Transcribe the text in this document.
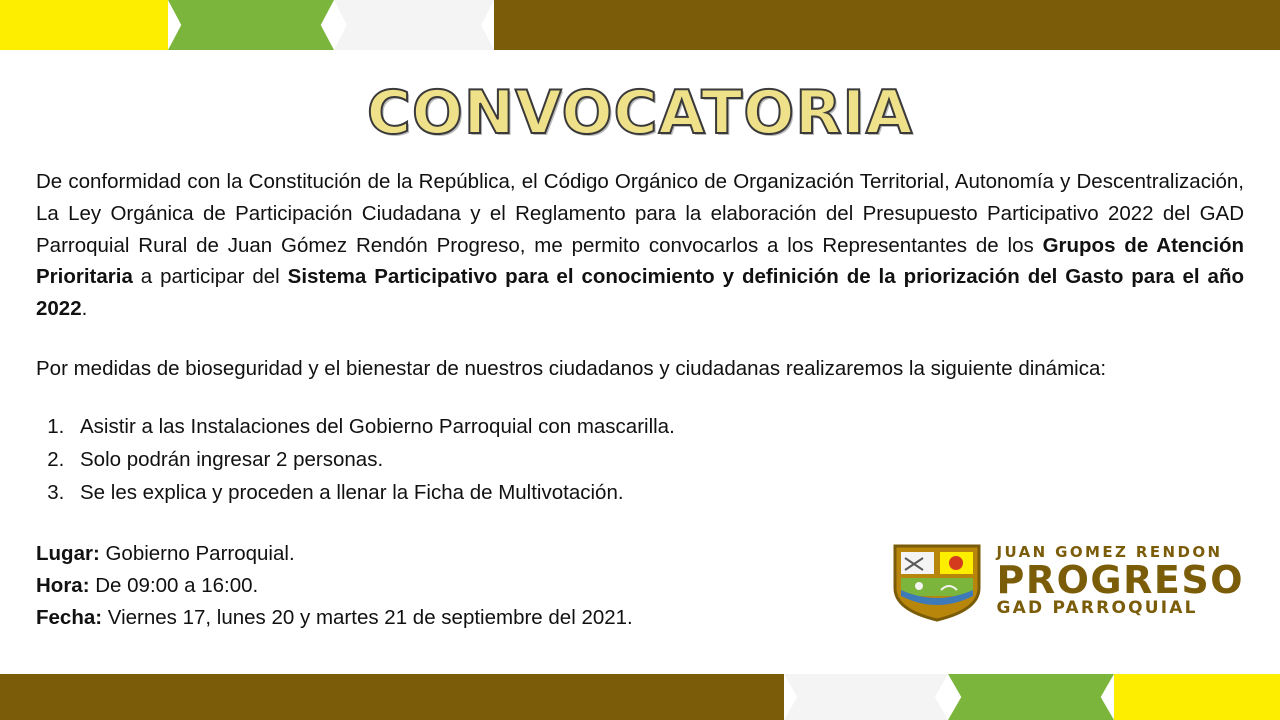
CONVOCATORIA

De conformidad con la Constitución de la República, el Código Orgánico de Organización Territorial, Autonomía y Descentralización, La Ley Orgánica de Participación Ciudadana y el Reglamento para la elaboración del Presupuesto Participativo 2022 del GAD Parroquial Rural de Juan Gómez Rendón Progreso, me permito convocarlos a los Representantes de los Grupos de Atención Prioritaria a participar del Sistema Participativo para el conocimiento y definición de la priorización del Gasto para el año 2022.

Por medidas de bioseguridad y el bienestar de nuestros ciudadanos y ciudadanas realizaremos la siguiente dinámica:

1. Asistir a las Instalaciones del Gobierno Parroquial con mascarilla.
2. Solo podrán ingresar 2 personas.
3. Se les explica y proceden a llenar la Ficha de Multivotación.
Lugar: Gobierno Parroquial.
Hora: De 09:00 a 16:00.
Fecha: Viernes 17, lunes 20 y martes 21 de septiembre del 2021.
JUAN GOMEZ RENDON
PROGRESO
GAD PARROQUIAL
